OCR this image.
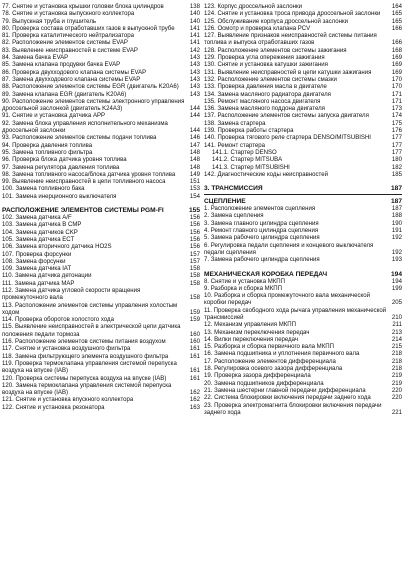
77. Снятие и установка крышки головки блока цилиндров	138
78. Снятие и установка выпускного коллектора	140
79. Выпускная труба и глушитель	140
80. Проверка состава отработавших газов в выпускной трубе	141
81. Проверка каталитического нейтрализатора	141
82. Расположение элементов системы EVAP	141
83. Выявление неисправностей в системе EVAP	142
84. Замена бачка EVAP	143
85. Замена клапана продувки бачка EVAP	143
86. Проверка двухходового клапана системы EVAP	143
87. Замена двухходового клапана системы EVAP	143
88. Расположение элементов системы EGR (двигатель K20A6)	143
89. Замена клапана EGR (двигатель K20A6)	143
90. Расположение элементов системы электронного управления дроссельной заслонкой (двигатель K24A3)	144
91. Снятие и установка датчика APP	144
92. Замена блока управления исполнительного механизма дроссельной заслонки	144
93. Расположение элементов системы подачи топлива	146
94. Проверка давления топлива	147
95. Замена топливного фильтра	148
96. Проверка блока датчика уровня топлива	148
97. Замена регулятора давления топлива	148
98. Замена топливного насоса/блока датчика уровня топлива	149
99. Выявление неисправностей в цепи топливного насоса	151
100. Замена топливного бака	153
101. Замена инерционного выключателя	154
РАСПОЛОЖЕНИЕ ЭЛЕМЕНТОВ СИСТЕМЫ PGM-FI	155
102. Замена датчика A/F	156
103. Замена датчика В CMP	156
104. Замена датчиков CKP	156
105. Замена датчика ECT	156
106. Замена вторичного датчика HO2S	156
107. Проверка форсунки	157
108. Замена форсунки	157
109. Замена датчика IAT	158
110. Замена датчика детонации	158
111. Замена датчика MAP	158
112. Замена датчика угловой скорости вращения промежуточного вала	158
113. Расположение элементов системы управления холостым ходом	159
114. Проверка оборотов холостого хода	159
115. Выявление неисправностей в электрической цепи датчика положения педали тормоза	160
116. Расположение элементов системы питания воздухом	160
117. Снятие и установка воздушного фильтра	161
118. Замена фильтрующего элемента воздушного фильтра	161
119. Проверка термоклапана управления системой перепуска воздуха на впуске (IAB)	161
120. Проверка системы перепуска воздуха на впуске (IAB)	161
120. Замена термоклапана управления системой перепуска воздуха на впуске (IAB)	162
121. Снятие и установка впускного коллектора	162
122. Снятие и установка резонатора	163
123. Корпус дроссельной заслонки	164
124. Снятие и установка троса привода дроссельной заслонки	165
125. Обслуживание корпуса дроссельной заслонки	165
126. Осмотр и проверка клапана PCV	166
127. Выявление признаков неисправностей системы питания топлива и выпуска отработавших газов	166
128. Расположение элементов системы зажигания	168
129. Проверка угла опережения зажигания	169
130. Снятие и установка катушки зажигания	169
131. Выявление неисправностей в цепи катушки зажигания	169
132. Расположение элементов системы смазки	170
133. Проверка давления масла в двигателе	170
134. Замена масляного радиатора двигателя	171
135. Ремонт масляного насоса двигателя	171
136. Замена масляного поддона двигателя	173
137. Расположение элементов системы запуска двигателя	174
138. Замена стартера	175
139. Проверка работы стартера	176
140. Проверка тягового реле стартера DENSO/MITSUBISHI	177
141. Ремонт стартера	177
141.1. Стартер DENSO	177
141.2. Стартер MITSUBA	180
141.3. Стартер MITSUBISHI	182
142. Диагностические коды неисправностей	185
3. ТРАНСМИССИЯ	187
СЦЕПЛЕНИЕ	187
1. Расположение элементов сцепления	187
2. Замена сцепления	188
3. Замена главного цилиндра сцепления	190
4. Ремонт главного цилиндра сцепления	191
5. Замена рабочего цилиндра сцепления	192
6. Регулировка педали сцепления и концевого выключателя педали сцепления	192
7. Замена рабочего цилиндра сцепления	193
МЕХАНИЧЕСКАЯ КОРОБКА ПЕРЕДАЧ	194
8. Снятие и установка МКПП	194
9. Разборка и сборка МКПП	199
10. Разборка и сборка промежуточного вала механической коробки передач	205
11. Проверка свободного хода рычага управления механической трансмиссией	210
12. Механизм управления МКПП	211
13. Механизм переключения передач	213
14. Вилки переключения передач	214
15. Разборка и сборка первичного вала МКПП	215
16. Замена подшипника и уплотнения первичного вала	218
17. Расположение элементов дифференциала	218
18. Регулировка осевого зазора дифференциала	218
19. Проверка зазора дифференциала	219
20. Замена подшипников дифференциала	219
21. Замена шестерни главной передачи дифференциала	220
22. Система блокировки включения передачи заднего хода	220
23. Проверка электромагнита блокировки включения передачи заднего хода	221
